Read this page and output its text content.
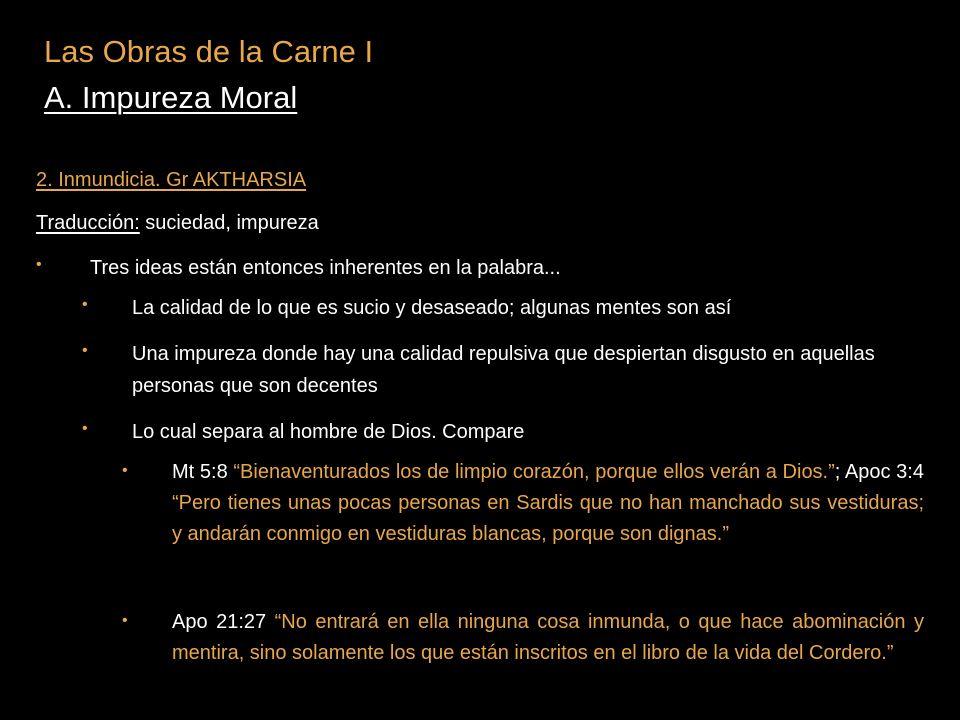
Las Obras de la Carne I
A. Impureza Moral
2. Inmundicia. Gr AKTHARSIA
Traducción: suciedad, impureza
• Tres ideas están entonces inherentes en la palabra...
• La calidad de lo que es sucio y desaseado; algunas mentes son así
• Una impureza donde hay una calidad repulsiva que despiertan disgusto en aquellas personas que son decentes
• Lo cual separa al hombre de Dios. Compare
• Mt 5:8 “Bienaventurados los de limpio corazón, porque ellos verán a Dios.”; Apoc 3:4 “Pero tienes unas pocas personas en Sardis que no han manchado sus vestiduras; y andarán conmigo en vestiduras blancas, porque son dignas.”
• Apo 21:27 “No entrará en ella ninguna cosa inmunda, o que hace abominación y mentira, sino solamente los que están inscritos en el libro de la vida del Cordero.”
